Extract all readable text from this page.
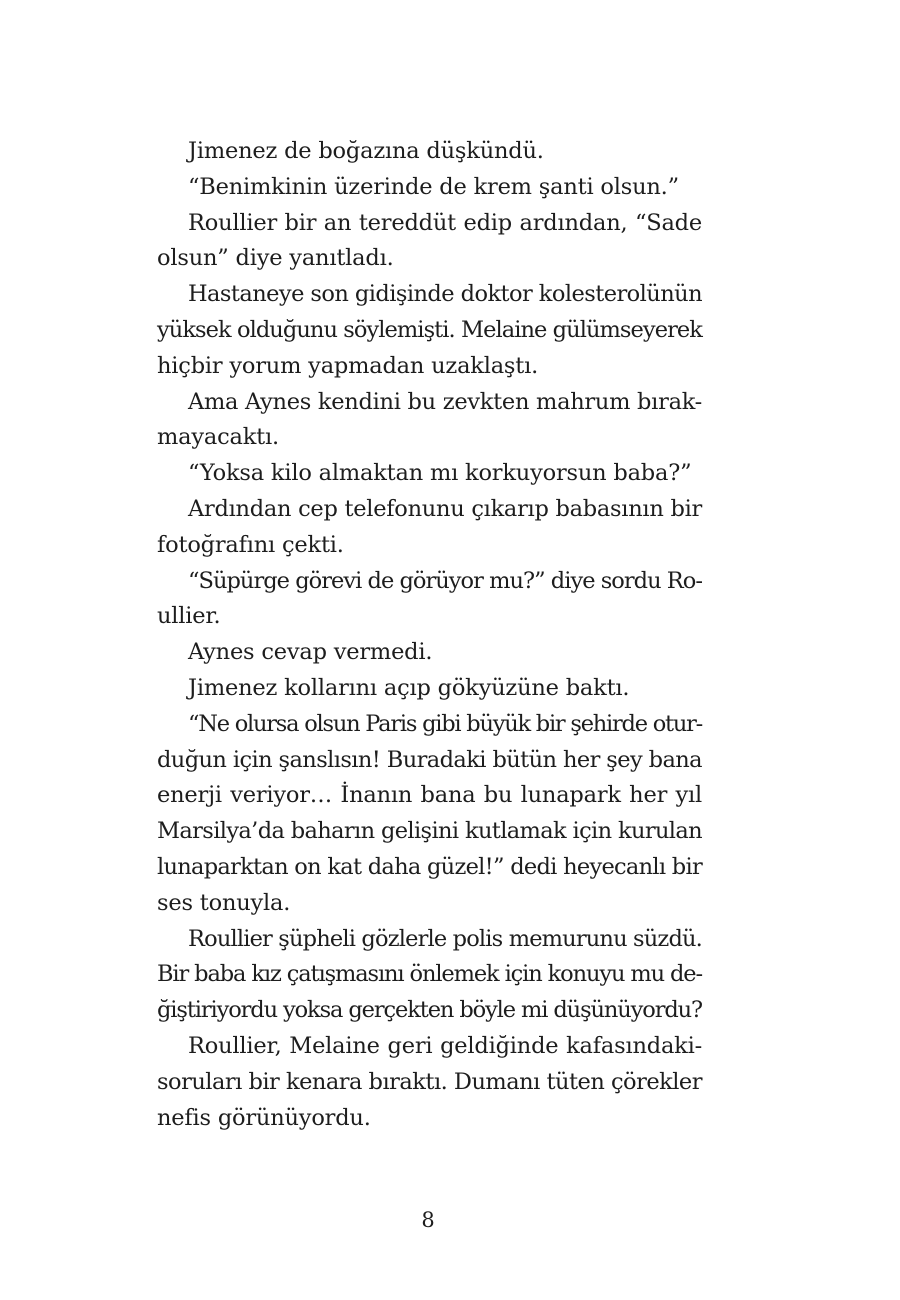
Jimenez de boğazına düşkündü.
“Benimkinin üzerinde de krem şanti olsun.”
Roullier bir an tereddüt edip ardından, “Sade
olsun” diye yanıtladı.
Hastaneye son gidişinde doktor kolesterolünün
yüksek olduğunu söylemişti. Melaine gülümseyerek
hiçbir yorum yapmadan uzaklaştı.
Ama Aynes kendini bu zevkten mahrum bırak-
mayacaktı.
“Yoksa kilo almaktan mı korkuyorsun baba?”
Ardından cep telefonunu çıkarıp babasının bir
fotoğrafını çekti.
“Süpürge görevi de görüyor mu?” diye sordu Ro-
ullier.
Aynes cevap vermedi.
Jimenez kollarını açıp gökyüzüne baktı.
“Ne olursa olsun Paris gibi büyük bir şehirde otur-
duğun için şanslısın! Buradaki bütün her şey bana
enerji veriyor… İnanın bana bu lunapark her yıl
Marsilya’da baharın gelişini kutlamak için kurulan
lunaparktan on kat daha güzel!” dedi heyecanlı bir
ses tonuyla.
Roullier şüpheli gözlerle polis memurunu süzdü.
Bir baba kız çatışmasını önlemek için konuyu mu de-
ğiştiriyordu yoksa gerçekten böyle mi düşünüyordu?
Roullier, Melaine geri geldiğinde kafasındaki-
soruları bir kenara bıraktı. Dumanı tüten çörekler
nefis görünüyordu.
8
